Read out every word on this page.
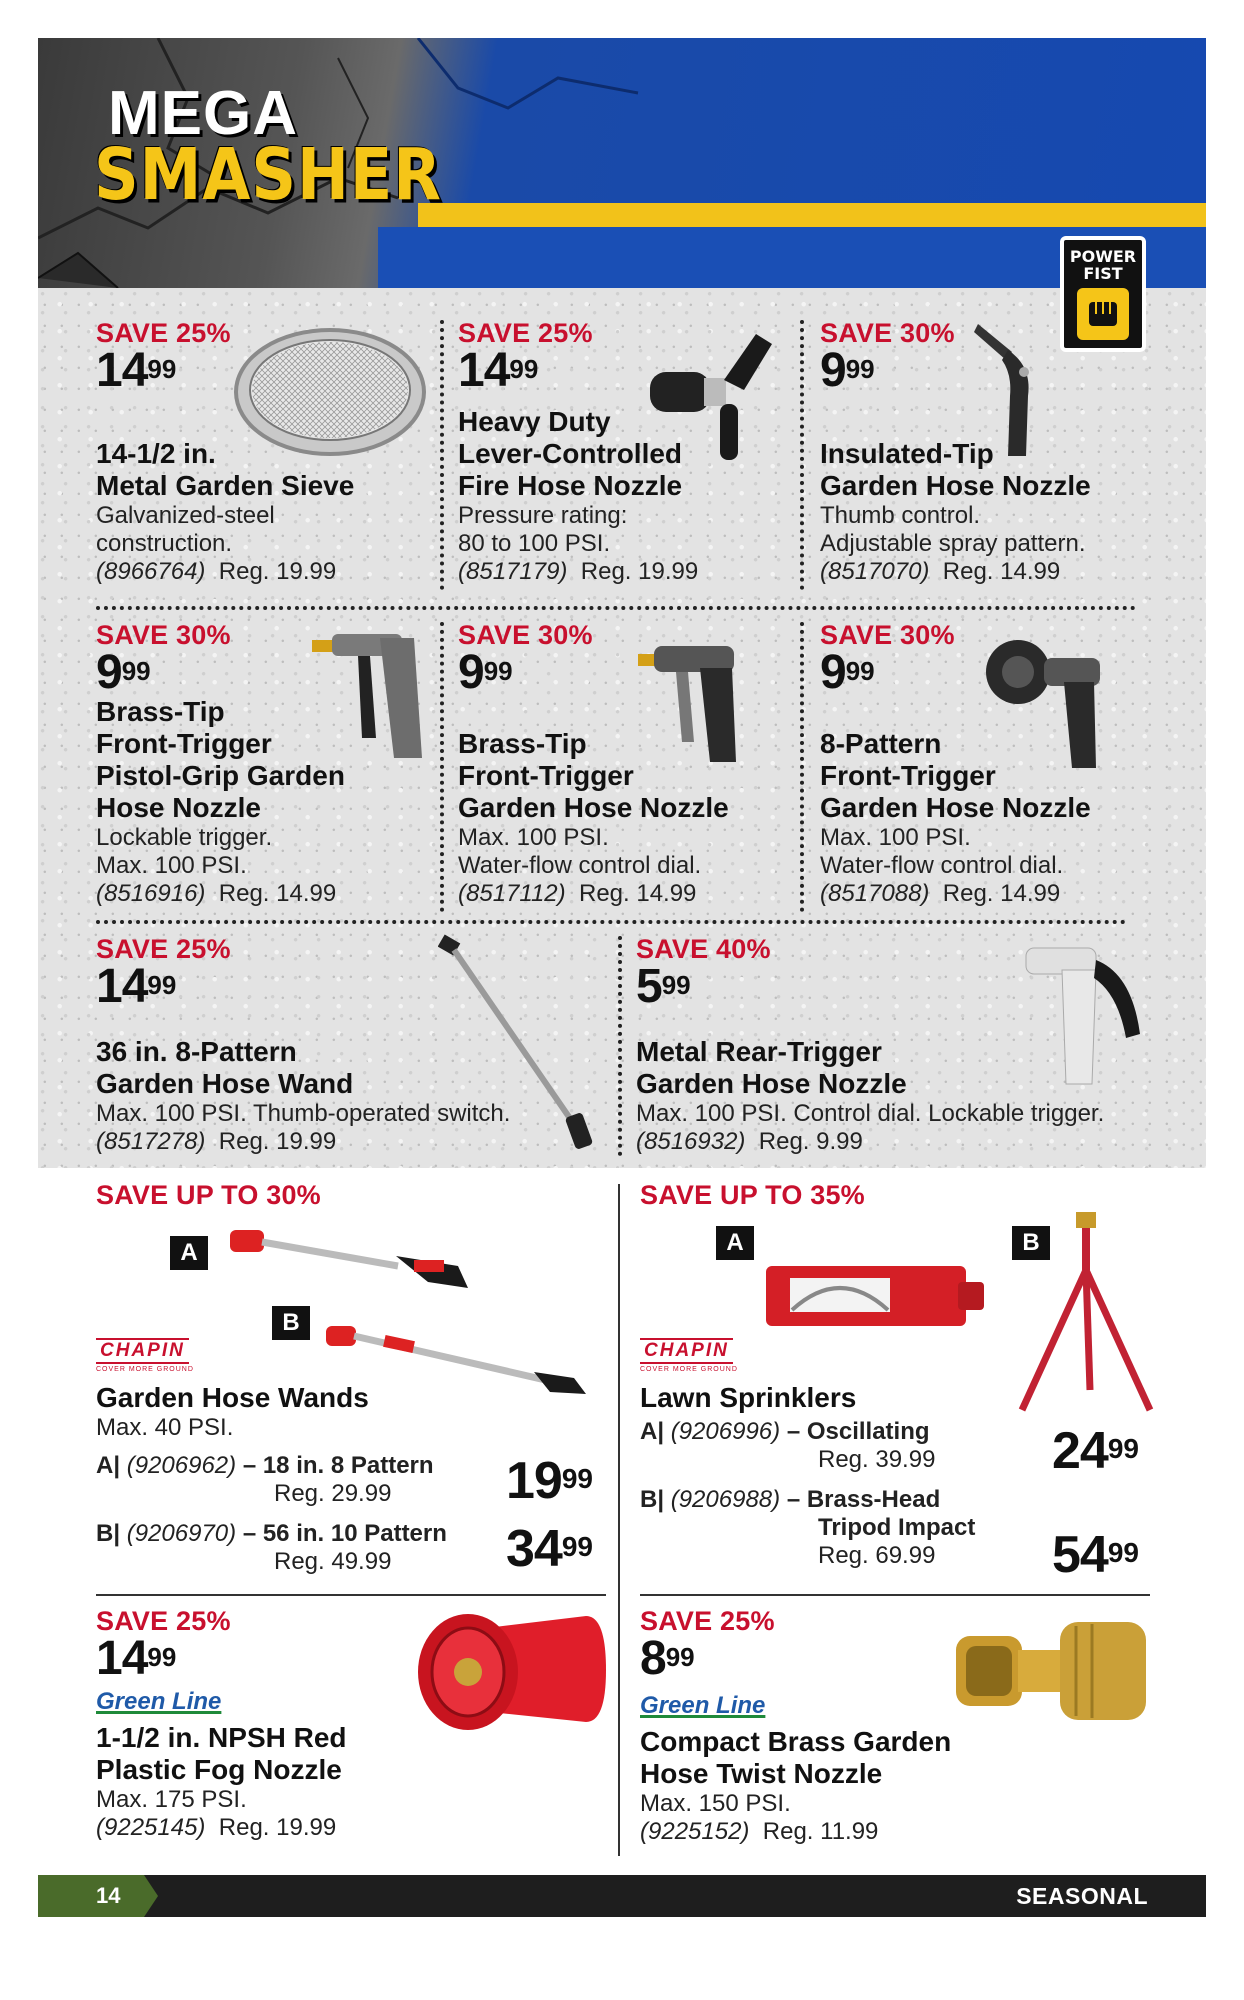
MEGA
SMASHER
POWER FIST
SAVE 25%
$14^{99}$
14-1/2 in.
Metal Garden Sieve
Galvanized-steel
construction.
(8966764) Reg. 19.99
SAVE 25%
$14^{99}$
Heavy Duty
Lever-Controlled
Fire Hose Nozzle
Pressure rating:
80 to 100 PSI.
(8517179) Reg. 19.99
SAVE 30%
$9^{99}$
Insulated-Tip
Garden Hose Nozzle
Thumb control.
Adjustable spray pattern.
(8517070) Reg. 14.99
SAVE 30%
$9^{99}$
Brass-Tip
Front-Trigger
Pistol-Grip Garden
Hose Nozzle
Lockable trigger.
Max. 100 PSI.
(8516916) Reg. 14.99
SAVE 30%
$9^{99}$
Brass-Tip
Front-Trigger
Garden Hose Nozzle
Max. 100 PSI.
Water-flow control dial.
(8517112) Reg. 14.99
SAVE 30%
$9^{99}$
8-Pattern
Front-Trigger
Garden Hose Nozzle
Max. 100 PSI.
Water-flow control dial.
(8517088) Reg. 14.99
SAVE 25%
$14^{99}$
36 in. 8-Pattern
Garden Hose Wand
Max. 100 PSI. Thumb-operated switch.
(8517278) Reg. 19.99
SAVE 40%
$5^{99}$
Metal Rear-Trigger
Garden Hose Nozzle
Max. 100 PSI. Control dial. Lockable trigger.
(8516932) Reg. 9.99
SAVE UP TO 30%
A
B
CHAPIN
COVER MORE GROUND
Garden Hose Wands
Max. 40 PSI.
A| (9206962) – 18 in. 8 Pattern
Reg. 29.99	$19^{99}$
B| (9206970) – 56 in. 10 Pattern
Reg. 49.99	$34^{99}$
SAVE UP TO 35%
A	B
CHAPIN
COVER MORE GROUND
Lawn Sprinklers
A| (9206996) – Oscillating
Reg. 39.99	$24^{99}$
B| (9206988) – Brass-Head
Tripod Impact
Reg. 69.99	$54^{99}$
SAVE 25%
$14^{99}$
Green Line
1-1/2 in. NPSH Red
Plastic Fog Nozzle
Max. 175 PSI.
(9225145) Reg. 19.99
SAVE 25%
$8^{99}$
Green Line
Compact Brass Garden
Hose Twist Nozzle
Max. 150 PSI.
(9225152) Reg. 11.99
14	SEASONAL
